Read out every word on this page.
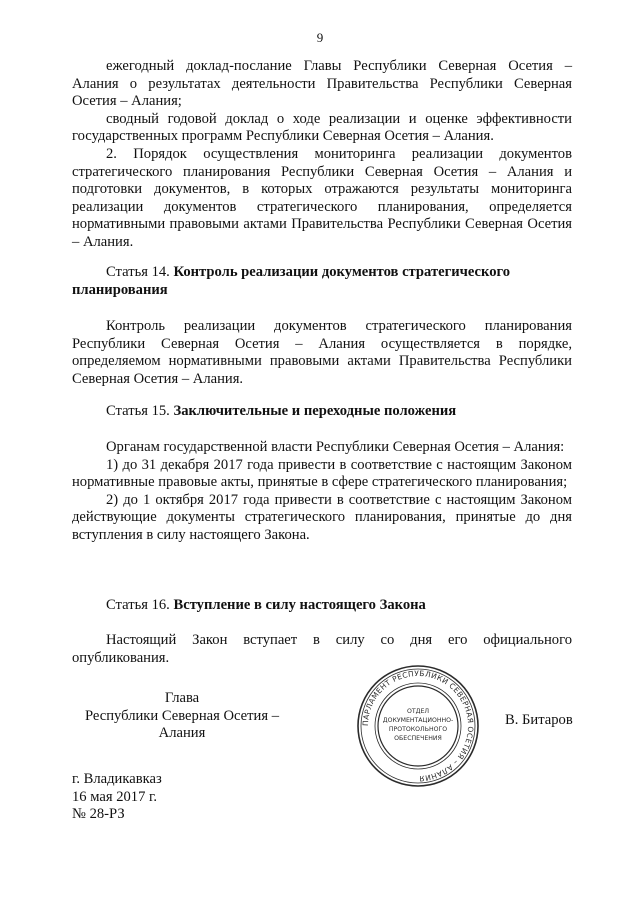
9

ежегодный доклад-послание Главы Республики Северная Осетия – Алания о результатах деятельности Правительства Республики Северная Осетия – Алания;

сводный годовой доклад о ходе реализации и оценке эффективности государственных программ Республики Северная Осетия – Алания.

2. Порядок осуществления мониторинга реализации документов стратегического планирования Республики Северная Осетия – Алания и подготовки документов, в которых отражаются результаты мониторинга реализации документов стратегического планирования, определяется нормативными правовыми актами Правительства Республики Северная Осетия – Алания.

Статья 14. Контроль реализации документов стратегического планирования

Контроль реализации документов стратегического планирования Республики Северная Осетия – Алания осуществляется в порядке, определяемом нормативными правовыми актами Правительства Республики Северная Осетия – Алания.

Статья 15. Заключительные и переходные положения

Органам государственной власти Республики Северная Осетия – Алания:

1) до 31 декабря 2017 года привести в соответствие с настоящим Законом нормативные правовые акты, принятые в сфере стратегического планирования;

2) до 1 октября 2017 года привести в соответствие с настоящим Законом действующие документы стратегического планирования, принятые до дня вступления в силу настоящего Закона.

Статья 16. Вступление в силу настоящего Закона

Настоящий Закон вступает в силу со дня его официального опубликования.

Глава
Республики Северная Осетия – Алания
В. Битаров
ПАРЛАМЕНТ РЕСПУБЛИКИ СЕВЕРНАЯ ОСЕТИЯ – АЛАНИЯ
ОТДЕЛ
ДОКУМЕНТАЦИОННО-
ПРОТОКОЛЬНОГО
ОБЕСПЕЧЕНИЯ
г. Владикавказ
16 мая 2017 г.
№ 28-РЗ
